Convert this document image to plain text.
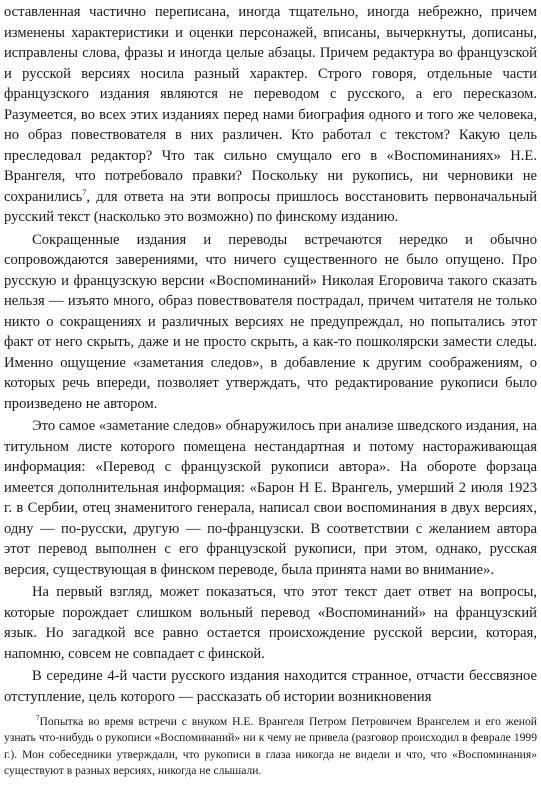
оставленная частично переписана, иногда тщательно, иногда небрежно, причем изменены характеристики и оценки персонажей, вписаны, вычеркнуты, дописаны, исправлены слова, фразы и иногда целые абзацы. Причем редактура во французской и русской версиях носила разный характер. Строго говоря, отдельные части французского издания являются не переводом с русского, а его пересказом. Разумеется, во всех этих изданиях перед нами биография одного и того же человека, но образ повествователя в них различен. Кто работал с текстом? Какую цель преследовал редактор? Что так сильно смущало его в «Воспоминаниях» Н.Е. Врангеля, что потребовало правки? Поскольку ни рукопись, ни черновики не сохранились$^7$, для ответа на эти вопросы пришлось восстановить первоначальный русский текст (насколько это возможно) по финскому изданию.

Сокращенные издания и переводы встречаются нередко и обычно сопровождаются заверениями, что ничего существенного не было опущено. Про русскую и французскую версии «Воспоминаний» Николая Егоровича такого сказать нельзя — изъято много, образ повествователя пострадал, причем читателя не только никто о сокращениях и различных версиях не предупреждал, но попытались этот факт от него скрыть, даже и не просто скрыть, а как-то пошколярски замести следы. Именно ощущение «заметания следов», в добавление к другим соображениям, о которых речь впереди, позволяет утверждать, что редактирование рукописи было произведено не автором.

Это самое «заметание следов» обнаружилось при анализе шведского издания, на титульном листе которого помещена нестандартная и потому настораживающая информация: «Перевод с французской рукописи автора». На обороте форзаца имеется дополнительная информация: «Барон Н Е. Врангель, умерший 2 июля 1923 г. в Сербии, отец знаменитого генерала, написал свои воспоминания в двух версиях, одну — по-русски, другую — по-французски. В соответствии с желанием автора этот перевод выполнен с его французской рукописи, при этом, однако, русская версия, существующая в финском переводе, была принята нами во внимание».

На первый взгляд, может показаться, что этот текст дает ответ на вопросы, которые порождает слишком вольный перевод «Воспоминаний» на французский язык. Но загадкой все равно остается происхождение русской версии, которая, напомню, совсем не совпадает с финской.

В середине 4-й части русского издания находится странное, отчасти бессвязное отступление, цель которого — рассказать об истории возникновения

$^7$Попытка во время встречи с внуком Н.Е. Врангеля Петром Петровичем Врангелем и его женой узнать что-нибудь о рукописи «Воспоминаний» ни к чему не привела (разговор происходил в феврале 1999 г.). Мон собеседники утверждали, что рукописи в глаза никогда не видели и что, что «Воспоминания» существуют в разных версиях, никогда не слышали.
